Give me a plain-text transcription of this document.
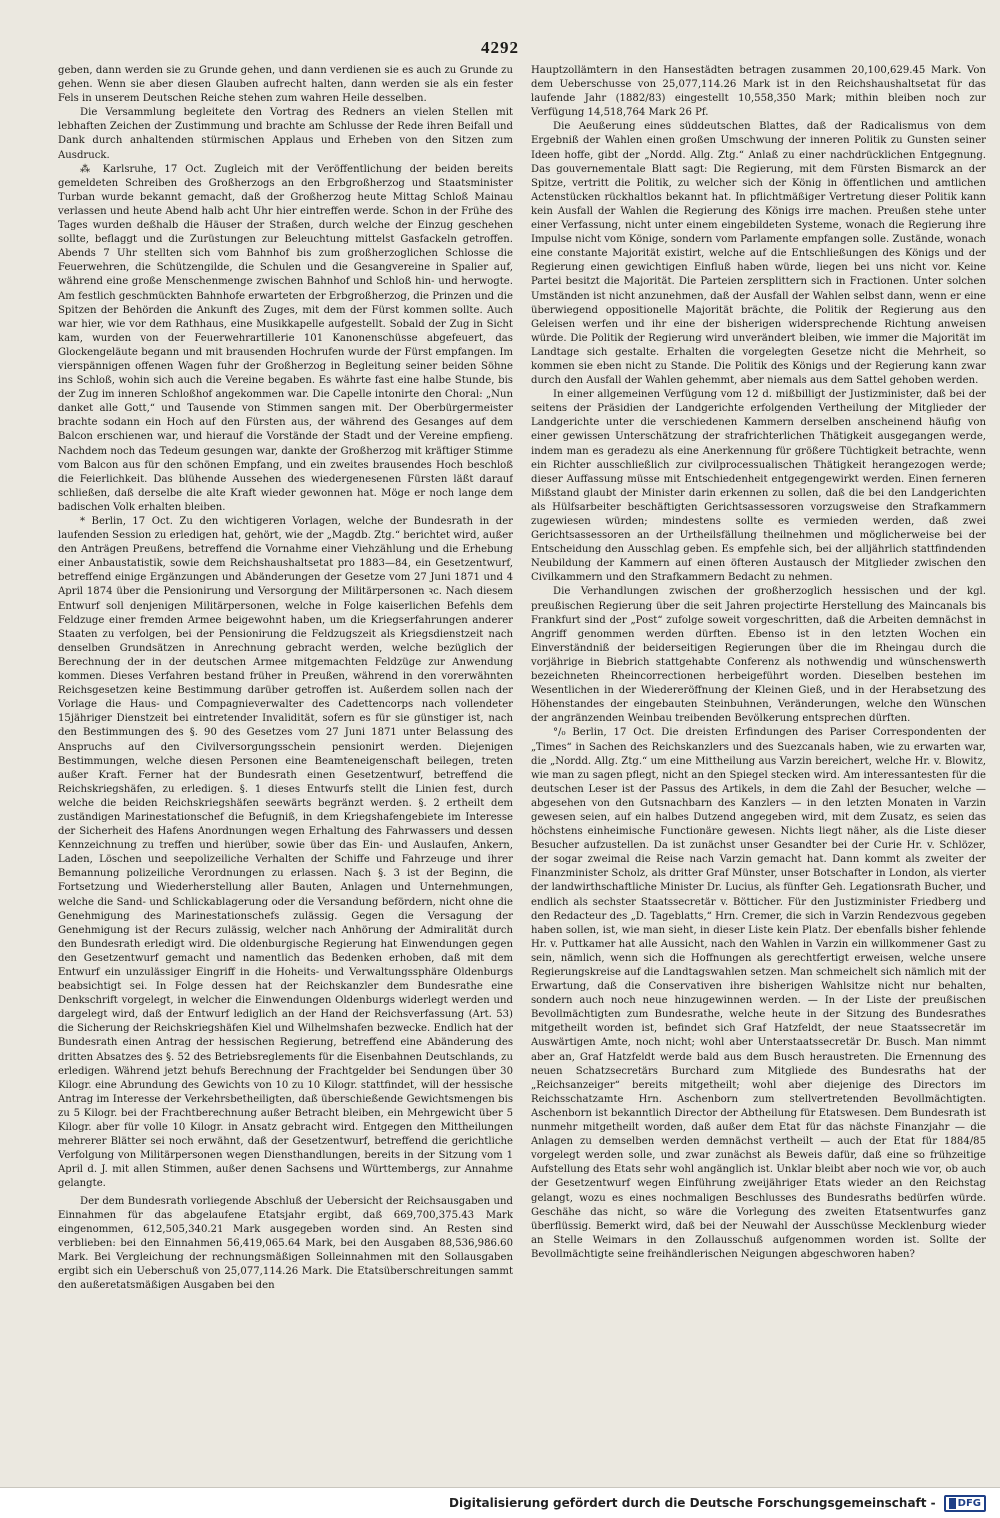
4292

geben, dann werden sie zu Grunde gehen, und dann verdienen sie es auch zu Grunde zu gehen. Wenn sie aber diesen Glauben aufrecht halten, dann werden sie als ein fester Fels in unserem Deutschen Reiche stehen zum wahren Heile desselben.

Die Versammlung begleitete den Vortrag des Redners an vielen Stellen mit lebhaften Zeichen der Zustimmung und brachte am Schlusse der Rede ihren Beifall und Dank durch anhaltenden stürmischen Applaus und Erheben von den Sitzen zum Ausdruck.

⁂ Karlsruhe, 17 Oct. Zugleich mit der Veröffentlichung der beiden bereits gemeldeten Schreiben des Großherzogs an den Erbgroßherzog und Staatsminister Turban wurde bekannt gemacht, daß der Großherzog heute Mittag Schloß Mainau verlassen und heute Abend halb acht Uhr hier eintreffen werde. Schon in der Frühe des Tages wurden deßhalb die Häuser der Straßen, durch welche der Einzug geschehen sollte, beflaggt und die Zurüstungen zur Beleuchtung mittelst Gasfackeln getroffen. Abends 7 Uhr stellten sich vom Bahnhof bis zum großherzoglichen Schlosse die Feuerwehren, die Schützengilde, die Schulen und die Gesangvereine in Spalier auf, während eine große Menschenmenge zwischen Bahnhof und Schloß hin- und herwogte. Am festlich geschmückten Bahnhofe erwarteten der Erbgroßherzog, die Prinzen und die Spitzen der Behörden die Ankunft des Zuges, mit dem der Fürst kommen sollte. Auch war hier, wie vor dem Rathhaus, eine Musikkapelle aufgestellt. Sobald der Zug in Sicht kam, wurden von der Feuerwehrartillerie 101 Kanonenschüsse abgefeuert, das Glockengeläute begann und mit brausenden Hochrufen wurde der Fürst empfangen. Im vierspännigen offenen Wagen fuhr der Großherzog in Begleitung seiner beiden Söhne ins Schloß, wohin sich auch die Vereine begaben. Es währte fast eine halbe Stunde, bis der Zug im inneren Schloßhof angekommen war. Die Capelle intonirte den Choral: „Nun danket alle Gott,“ und Tausende von Stimmen sangen mit. Der Oberbürgermeister brachte sodann ein Hoch auf den Fürsten aus, der während des Gesanges auf dem Balcon erschienen war, und hierauf die Vorstände der Stadt und der Vereine empfieng. Nachdem noch das Tedeum gesungen war, dankte der Großherzog mit kräftiger Stimme vom Balcon aus für den schönen Empfang, und ein zweites brausendes Hoch beschloß die Feierlichkeit. Das blühende Aussehen des wiedergenesenen Fürsten läßt darauf schließen, daß derselbe die alte Kraft wieder gewonnen hat. Möge er noch lange dem badischen Volk erhalten bleiben.

* Berlin, 17 Oct. Zu den wichtigeren Vorlagen, welche der Bundesrath in der laufenden Session zu erledigen hat, gehört, wie der „Magdb. Ztg.“ berichtet wird, außer den Anträgen Preußens, betreffend die Vornahme einer Viehzählung und die Erhebung einer Anbaustatistik, sowie dem Reichshaushaltsetat pro 1883—84, ein Gesetzentwurf, betreffend einige Ergänzungen und Abänderungen der Gesetze vom 27 Juni 1871 und 4 April 1874 über die Pensionirung und Versorgung der Militärpersonen ꝛc. Nach diesem Entwurf soll denjenigen Militärpersonen, welche in Folge kaiserlichen Befehls dem Feldzuge einer fremden Armee beigewohnt haben, um die Kriegserfahrungen anderer Staaten zu verfolgen, bei der Pensionirung die Feldzugszeit als Kriegsdienstzeit nach denselben Grundsätzen in Anrechnung gebracht werden, welche bezüglich der Berechnung der in der deutschen Armee mitgemachten Feldzüge zur Anwendung kommen. Dieses Verfahren bestand früher in Preußen, während in den vorerwähnten Reichsgesetzen keine Bestimmung darüber getroffen ist. Außerdem sollen nach der Vorlage die Haus- und Compagnieverwalter des Cadettencorps nach vollendeter 15jähriger Dienstzeit bei eintretender Invalidität, sofern es für sie günstiger ist, nach den Bestimmungen des §. 90 des Gesetzes vom 27 Juni 1871 unter Belassung des Anspruchs auf den Civilversorgungsschein pensionirt werden. Diejenigen Bestimmungen, welche diesen Personen eine Beamteneigenschaft beilegen, treten außer Kraft. Ferner hat der Bundesrath einen Gesetzentwurf, betreffend die Reichskriegshäfen, zu erledigen. §. 1 dieses Entwurfs stellt die Linien fest, durch welche die beiden Reichskriegshäfen seewärts begränzt werden. §. 2 ertheilt dem zuständigen Marinestationschef die Befugniß, in dem Kriegshafengebiete im Interesse der Sicherheit des Hafens Anordnungen wegen Erhaltung des Fahrwassers und dessen Kennzeichnung zu treffen und hierüber, sowie über das Ein- und Auslaufen, Ankern, Laden, Löschen und seepolizeiliche Verhalten der Schiffe und Fahrzeuge und ihrer Bemannung polizeiliche Verordnungen zu erlassen. Nach §. 3 ist der Beginn, die Fortsetzung und Wiederherstellung aller Bauten, Anlagen und Unternehmungen, welche die Sand- und Schlickablagerung oder die Versandung befördern, nicht ohne die Genehmigung des Marinestationschefs zulässig. Gegen die Versagung der Genehmigung ist der Recurs zulässig, welcher nach Anhörung der Admiralität durch den Bundesrath erledigt wird. Die oldenburgische Regierung hat Einwendungen gegen den Gesetzentwurf gemacht und namentlich das Bedenken erhoben, daß mit dem Entwurf ein unzulässiger Eingriff in die Hoheits- und Verwaltungssphäre Oldenburgs beabsichtigt sei. In Folge dessen hat der Reichskanzler dem Bundesrathe eine Denkschrift vorgelegt, in welcher die Einwendungen Oldenburgs widerlegt werden und dargelegt wird, daß der Entwurf lediglich an der Hand der Reichsverfassung (Art. 53) die Sicherung der Reichskriegshäfen Kiel und Wilhelmshafen bezwecke. Endlich hat der Bundesrath einen Antrag der hessischen Regierung, betreffend eine Abänderung des dritten Absatzes des §. 52 des Betriebsreglements für die Eisenbahnen Deutschlands, zu erledigen. Während jetzt behufs Berechnung der Frachtgelder bei Sendungen über 30 Kilogr. eine Abrundung des Gewichts von 10 zu 10 Kilogr. stattfindet, will der hessische Antrag im Interesse der Verkehrsbetheiligten, daß überschießende Gewichtsmengen bis zu 5 Kilogr. bei der Frachtberechnung außer Betracht bleiben, ein Mehrgewicht über 5 Kilogr. aber für volle 10 Kilogr. in Ansatz gebracht wird. Entgegen den Mittheilungen mehrerer Blätter sei noch erwähnt, daß der Gesetzentwurf, betreffend die gerichtliche Verfolgung von Militärpersonen wegen Diensthandlungen, bereits in der Sitzung vom 1 April d. J. mit allen Stimmen, außer denen Sachsens und Württembergs, zur Annahme gelangte.

Der dem Bundesrath vorliegende Abschluß der Uebersicht der Reichsausgaben und Einnahmen für das abgelaufene Etatsjahr ergibt, daß 669,700,375.43 Mark eingenommen, 612,505,340.21 Mark ausgegeben worden sind. An Resten sind verblieben: bei den Einnahmen 56,419,065.64 Mark, bei den Ausgaben 88,536,986.60 Mark. Bei Vergleichung der rechnungsmäßigen Solleinnahmen mit den Sollausgaben ergibt sich ein Ueberschuß von 25,077,114.26 Mark. Die Etatsüberschreitungen sammt den außeretatsmäßigen Ausgaben bei den

Hauptzollämtern in den Hansestädten betragen zusammen 20,100,629.45 Mark. Von dem Ueberschusse von 25,077,114.26 Mark ist in den Reichshaushaltsetat für das laufende Jahr (1882/83) eingestellt 10,558,350 Mark; mithin bleiben noch zur Verfügung 14,518,764 Mark 26 Pf.

Die Aeußerung eines süddeutschen Blattes, daß der Radicalismus von dem Ergebniß der Wahlen einen großen Umschwung der inneren Politik zu Gunsten seiner Ideen hoffe, gibt der „Nordd. Allg. Ztg.“ Anlaß zu einer nachdrücklichen Entgegnung. Das gouvernementale Blatt sagt: Die Regierung, mit dem Fürsten Bismarck an der Spitze, vertritt die Politik, zu welcher sich der König in öffentlichen und amtlichen Actenstücken rückhaltlos bekannt hat. In pflichtmäßiger Vertretung dieser Politik kann kein Ausfall der Wahlen die Regierung des Königs irre machen. Preußen stehe unter einer Verfassung, nicht unter einem eingebildeten Systeme, wonach die Regierung ihre Impulse nicht vom Könige, sondern vom Parlamente empfangen solle. Zustände, wonach eine constante Majorität existirt, welche auf die Entschließungen des Königs und der Regierung einen gewichtigen Einfluß haben würde, liegen bei uns nicht vor. Keine Partei besitzt die Majorität. Die Parteien zersplittern sich in Fractionen. Unter solchen Umständen ist nicht anzunehmen, daß der Ausfall der Wahlen selbst dann, wenn er eine überwiegend oppositionelle Majorität brächte, die Politik der Regierung aus den Geleisen werfen und ihr eine der bisherigen widersprechende Richtung anweisen würde. Die Politik der Regierung wird unverändert bleiben, wie immer die Majorität im Landtage sich gestalte. Erhalten die vorgelegten Gesetze nicht die Mehrheit, so kommen sie eben nicht zu Stande. Die Politik des Königs und der Regierung kann zwar durch den Ausfall der Wahlen gehemmt, aber niemals aus dem Sattel gehoben werden.

In einer allgemeinen Verfügung vom 12 d. mißbilligt der Justizminister, daß bei der seitens der Präsidien der Landgerichte erfolgenden Vertheilung der Mitglieder der Landgerichte unter die verschiedenen Kammern derselben anscheinend häufig von einer gewissen Unterschätzung der strafrichterlichen Thätigkeit ausgegangen werde, indem man es geradezu als eine Anerkennung für größere Tüchtigkeit betrachte, wenn ein Richter ausschließlich zur civilprocessualischen Thätigkeit herangezogen werde; dieser Auffassung müsse mit Entschiedenheit entgegengewirkt werden. Einen ferneren Mißstand glaubt der Minister darin erkennen zu sollen, daß die bei den Landgerichten als Hülfsarbeiter beschäftigten Gerichtsassessoren vorzugsweise den Strafkammern zugewiesen würden; mindestens sollte es vermieden werden, daß zwei Gerichtsassessoren an der Urtheilsfällung theilnehmen und möglicherweise bei der Entscheidung den Ausschlag geben. Es empfehle sich, bei der alljährlich stattfindenden Neubildung der Kammern auf einen öfteren Austausch der Mitglieder zwischen den Civilkammern und den Strafkammern Bedacht zu nehmen.

Die Verhandlungen zwischen der großherzoglich hessischen und der kgl. preußischen Regierung über die seit Jahren projectirte Herstellung des Maincanals bis Frankfurt sind der „Post“ zufolge soweit vorgeschritten, daß die Arbeiten demnächst in Angriff genommen werden dürften. Ebenso ist in den letzten Wochen ein Einverständniß der beiderseitigen Regierungen über die im Rheingau durch die vorjährige in Biebrich stattgehabte Conferenz als nothwendig und wünschenswerth bezeichneten Rheincorrectionen herbeigeführt worden. Dieselben bestehen im Wesentlichen in der Wiedereröffnung der Kleinen Gieß, und in der Herabsetzung des Höhenstandes der eingebauten Steinbuhnen, Veränderungen, welche den Wünschen der angränzenden Weinbau treibenden Bevölkerung entsprechen dürften.

°/₀ Berlin, 17 Oct. Die dreisten Erfindungen des Pariser Correspondenten der „Times“ in Sachen des Reichskanzlers und des Suezcanals haben, wie zu erwarten war, die „Nordd. Allg. Ztg.“ um eine Mittheilung aus Varzin bereichert, welche Hr. v. Blowitz, wie man zu sagen pflegt, nicht an den Spiegel stecken wird. Am interessantesten für die deutschen Leser ist der Passus des Artikels, in dem die Zahl der Besucher, welche — abgesehen von den Gutsnachbarn des Kanzlers — in den letzten Monaten in Varzin gewesen seien, auf ein halbes Dutzend angegeben wird, mit dem Zusatz, es seien das höchstens einheimische Functionäre gewesen. Nichts liegt näher, als die Liste dieser Besucher aufzustellen. Da ist zunächst unser Gesandter bei der Curie Hr. v. Schlözer, der sogar zweimal die Reise nach Varzin gemacht hat. Dann kommt als zweiter der Finanzminister Scholz, als dritter Graf Münster, unser Botschafter in London, als vierter der landwirthschaftliche Minister Dr. Lucius, als fünfter Geh. Legationsrath Bucher, und endlich als sechster Staatssecretär v. Bötticher. Für den Justizminister Friedberg und den Redacteur des „D. Tageblatts,“ Hrn. Cremer, die sich in Varzin Rendezvous gegeben haben sollen, ist, wie man sieht, in dieser Liste kein Platz. Der ebenfalls bisher fehlende Hr. v. Puttkamer hat alle Aussicht, nach den Wahlen in Varzin ein willkommener Gast zu sein, nämlich, wenn sich die Hoffnungen als gerechtfertigt erweisen, welche unsere Regierungskreise auf die Landtagswahlen setzen. Man schmeichelt sich nämlich mit der Erwartung, daß die Conservativen ihre bisherigen Wahlsitze nicht nur behalten, sondern auch noch neue hinzugewinnen werden. — In der Liste der preußischen Bevollmächtigten zum Bundesrathe, welche heute in der Sitzung des Bundesrathes mitgetheilt worden ist, befindet sich Graf Hatzfeldt, der neue Staatssecretär im Auswärtigen Amte, noch nicht; wohl aber Unterstaatssecretär Dr. Busch. Man nimmt aber an, Graf Hatzfeldt werde bald aus dem Busch heraustreten. Die Ernennung des neuen Schatzsecretärs Burchard zum Mitgliede des Bundesraths hat der „Reichsanzeiger“ bereits mitgetheilt; wohl aber diejenige des Directors im Reichsschatzamte Hrn. Aschenborn zum stellvertretenden Bevollmächtigten. Aschenborn ist bekanntlich Director der Abtheilung für Etatswesen. Dem Bundesrath ist nunmehr mitgetheilt worden, daß außer dem Etat für das nächste Finanzjahr — die Anlagen zu demselben werden demnächst vertheilt — auch der Etat für 1884/85 vorgelegt werden solle, und zwar zunächst als Beweis dafür, daß eine so frühzeitige Aufstellung des Etats sehr wohl angänglich ist. Unklar bleibt aber noch wie vor, ob auch der Gesetzentwurf wegen Einführung zweijähriger Etats wieder an den Reichstag gelangt, wozu es eines nochmaligen Beschlusses des Bundesraths bedürfen würde. Geschähe das nicht, so wäre die Vorlegung des zweiten Etatsentwurfes ganz überflüssig. Bemerkt wird, daß bei der Neuwahl der Ausschüsse Mecklenburg wieder an Stelle Weimars in den Zollausschuß aufgenommen worden ist. Sollte der Bevollmächtigte seine freihändlerischen Neigungen abgeschworen haben?

Digitalisierung gefördert durch die Deutsche Forschungsgemeinschaft - DFG
